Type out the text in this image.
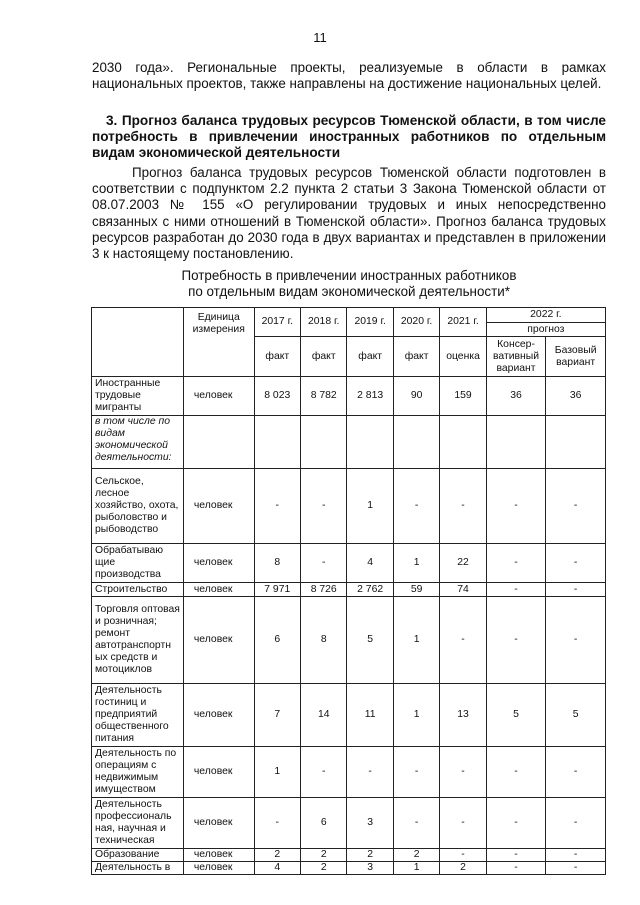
11
2030 года». Региональные проекты, реализуемые в области в рамках национальных проектов, также направлены на достижение национальных целей.
3. Прогноз баланса трудовых ресурсов Тюменской области, в том числе потребность в привлечении иностранных работников по отдельным видам экономической деятельности
Прогноз баланса трудовых ресурсов Тюменской области подготовлен в соответствии с подпунктом 2.2 пункта 2 статьи 3 Закона Тюменской области от 08.07.2003 № 155 «О регулировании трудовых и иных непосредственно связанных с ними отношений в Тюменской области». Прогноз баланса трудовых ресурсов разработан до 2030 года в двух вариантах и представлен в приложении 3 к настоящему постановлению.
Потребность в привлечении иностранных работников
по отдельным видам экономической деятельности*
	Единица измерения	2017 г.	2018 г.	2019 г.	2020 г.	2021 г.	2022 г.	
							прогноз	
		факт	факт	факт	факт	оценка	Консер-вативный вариант	Базовый вариант
Иностранные трудовые мигранты	человек	8 023	8 782	2 813	90	159	36	36
в том числе по видам экономической деятельности:								
Сельское, лесное хозяйство, охота, рыболовство и рыбоводство	человек	-	-	1	-	-	-	-
Обрабатываю щие производства	человек	8	-	4	1	22	-	-
Строительство	человек	7 971	8 726	2 762	59	74	-	-
Торговля оптовая и розничная; ремонт автотранспортн ых средств и мотоциклов	человек	6	8	5	1	-	-	-
Деятельность гостиниц и предприятий общественного питания	человек	7	14	11	1	13	5	5
Деятельность по операциям с недвижимым имуществом	человек	1	-	-	-	-	-	-
Деятельность профессиональ ная, научная и техническая	человек	-	6	3	-	-	-	-
Образование	человек	2	2	2	2	-	-	-
Деятельность в	человек	4	2	3	1	2	-	-
